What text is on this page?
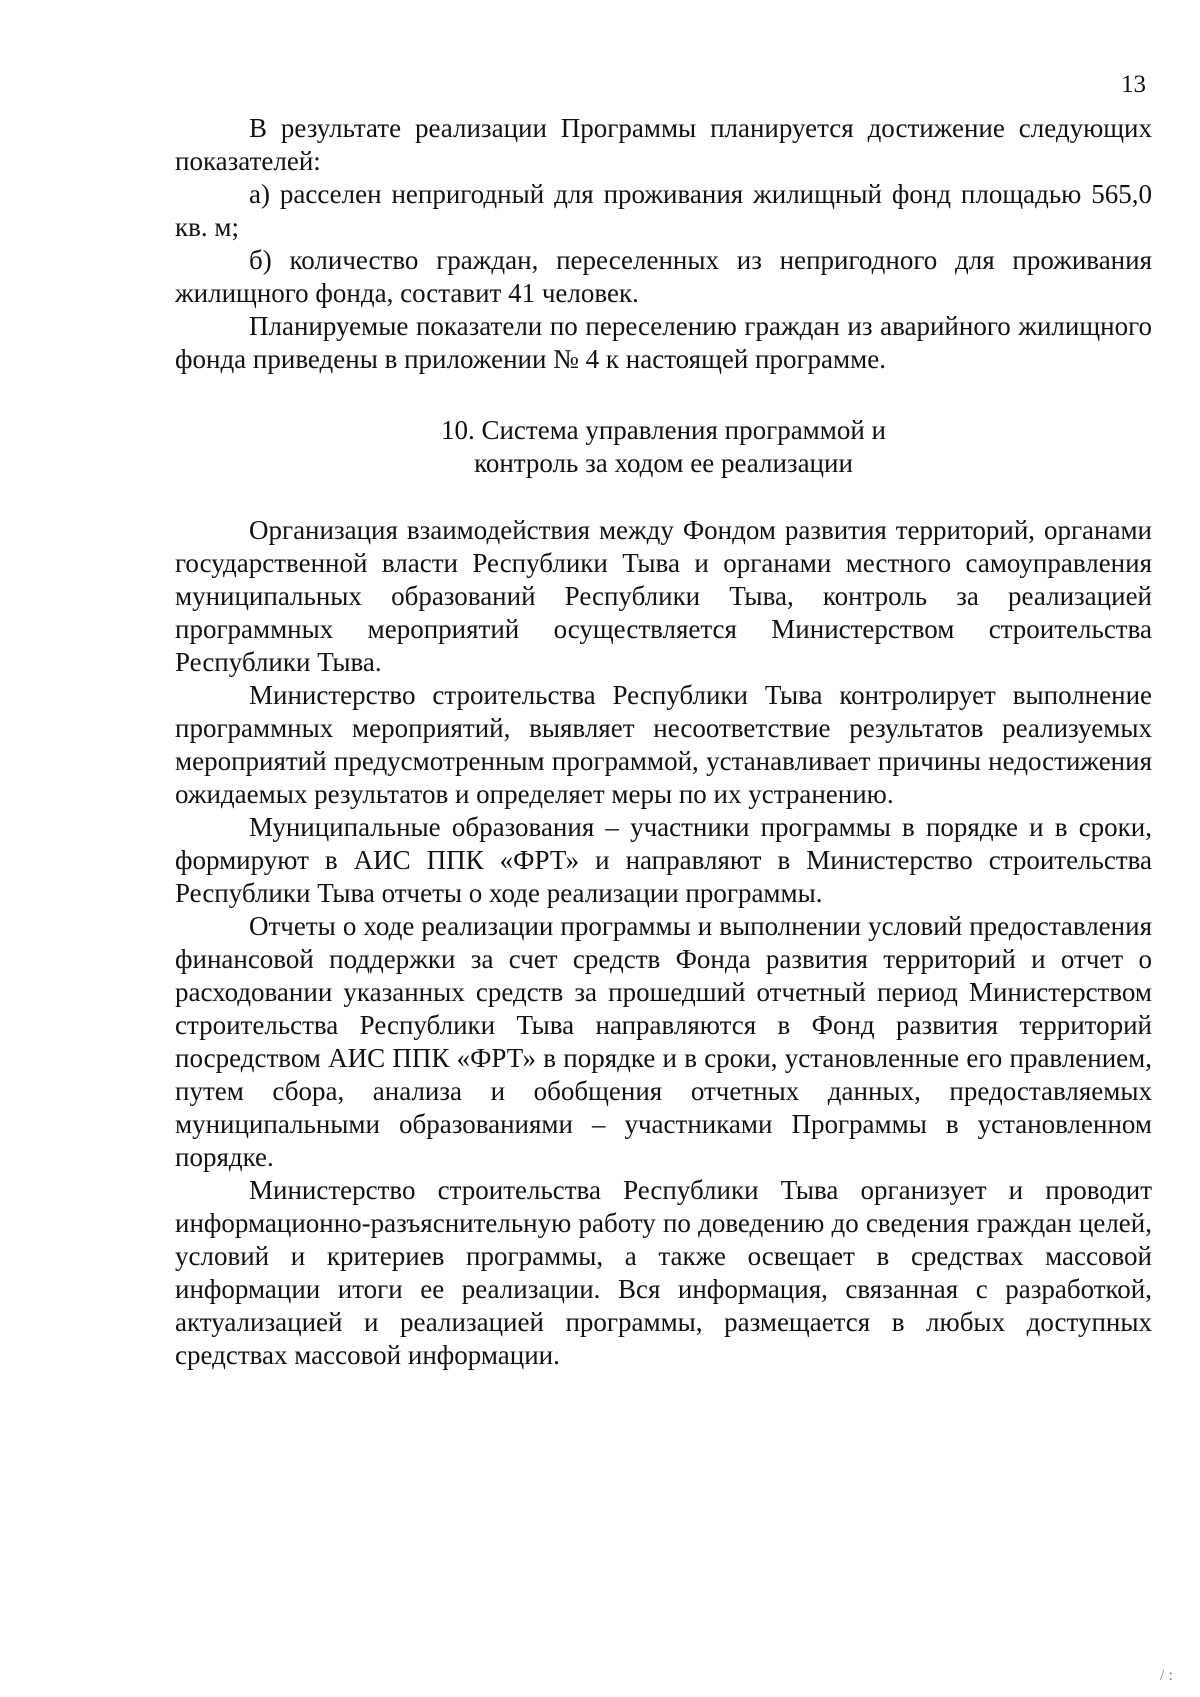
13

В результате реализации Программы планируется достижение следующих показателей:

а) расселен непригодный для проживания жилищный фонд площадью 565,0 кв. м;

б) количество граждан, переселенных из непригодного для проживания жилищного фонда, составит 41 человек.

Планируемые показатели по переселению граждан из аварийного жилищного фонда приведены в приложении № 4 к настоящей программе.

10. Система управления программой и
контроль за ходом ее реализации

Организация взаимодействия между Фондом развития территорий, органами государственной власти Республики Тыва и органами местного самоуправления муниципальных образований Республики Тыва, контроль за реализацией программных мероприятий осуществляется Министерством строительства Республики Тыва.

Министерство строительства Республики Тыва контролирует выполнение программных мероприятий, выявляет несоответствие результатов реализуемых мероприятий предусмотренным программой, устанавливает причины недостижения ожидаемых результатов и определяет меры по их устранению.

Муниципальные образования – участники программы в порядке и в сроки, формируют в АИС ППК «ФРТ» и направляют в Министерство строительства Республики Тыва отчеты о ходе реализации программы.

Отчеты о ходе реализации программы и выполнении условий предоставления финансовой поддержки за счет средств Фонда развития территорий и отчет о расходовании указанных средств за прошедший отчетный период Министерством строительства Республики Тыва направляются в Фонд развития территорий посредством АИС ППК «ФРТ» в порядке и в сроки, установленные его правлением, путем сбора, анализа и обобщения отчетных данных, предоставляемых муниципальными образованиями – участниками Программы в установленном порядке.

Министерство строительства Республики Тыва организует и проводит информационно-разъяснительную работу по доведению до сведения граждан целей, условий и критериев программы, а также освещает в средствах массовой информации итоги ее реализации. Вся информация, связанная с разработкой, актуализацией и реализацией программы, размещается в любых доступных средствах массовой информации.

/ :
